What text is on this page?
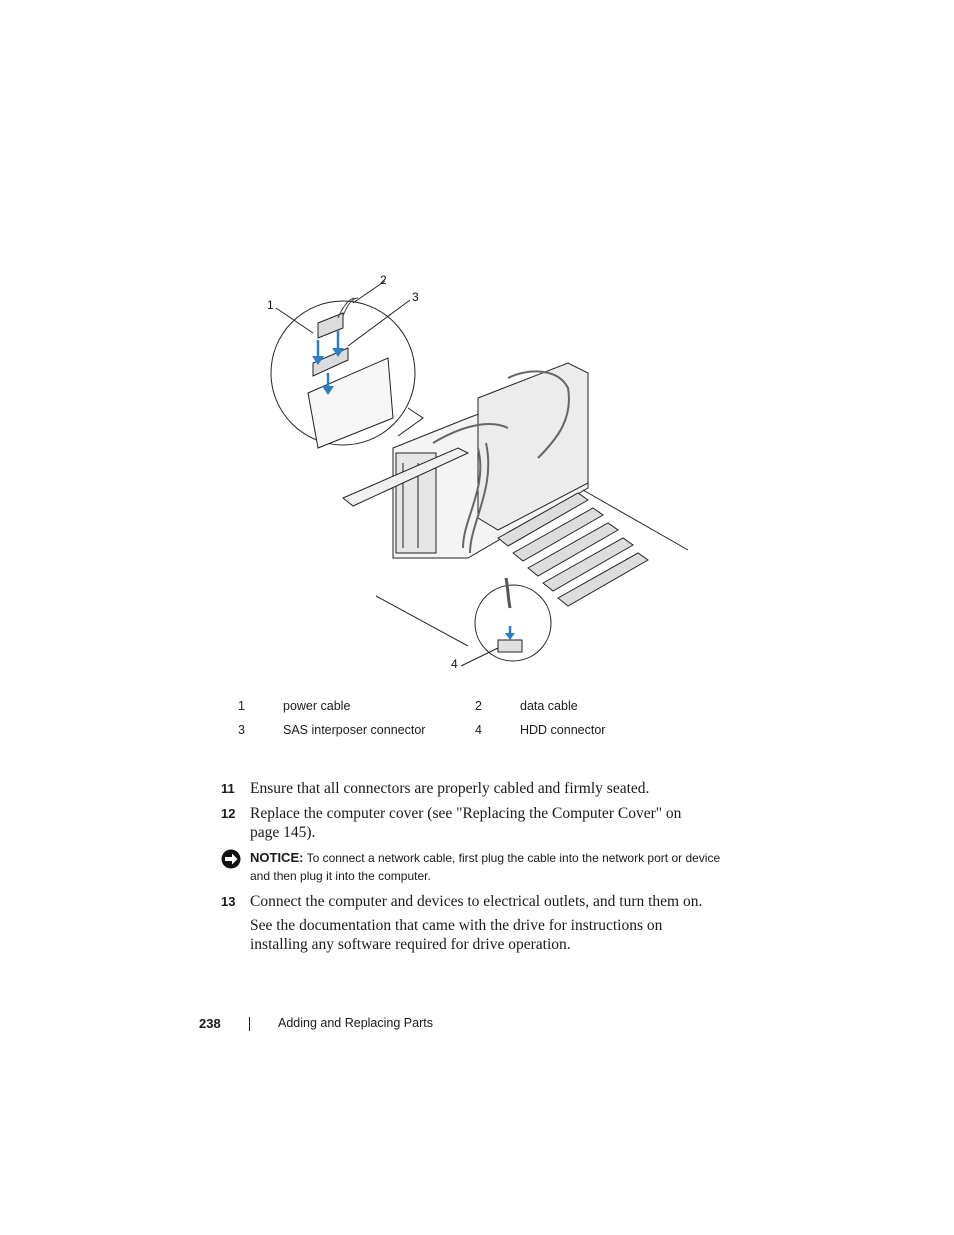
1
2
3
4
1	power cable	2	data cable
3	SAS interposer connector	4	HDD connector
11 Ensure that all connectors are properly cabled and firmly seated.
12 Replace the computer cover (see "Replacing the Computer Cover" on page 145).
NOTICE: To connect a network cable, first plug the cable into the network port or device and then plug it into the computer.
13 Connect the computer and devices to electrical outlets, and turn them on.
See the documentation that came with the drive for instructions on installing any software required for drive operation.
238	Adding and Replacing Parts
